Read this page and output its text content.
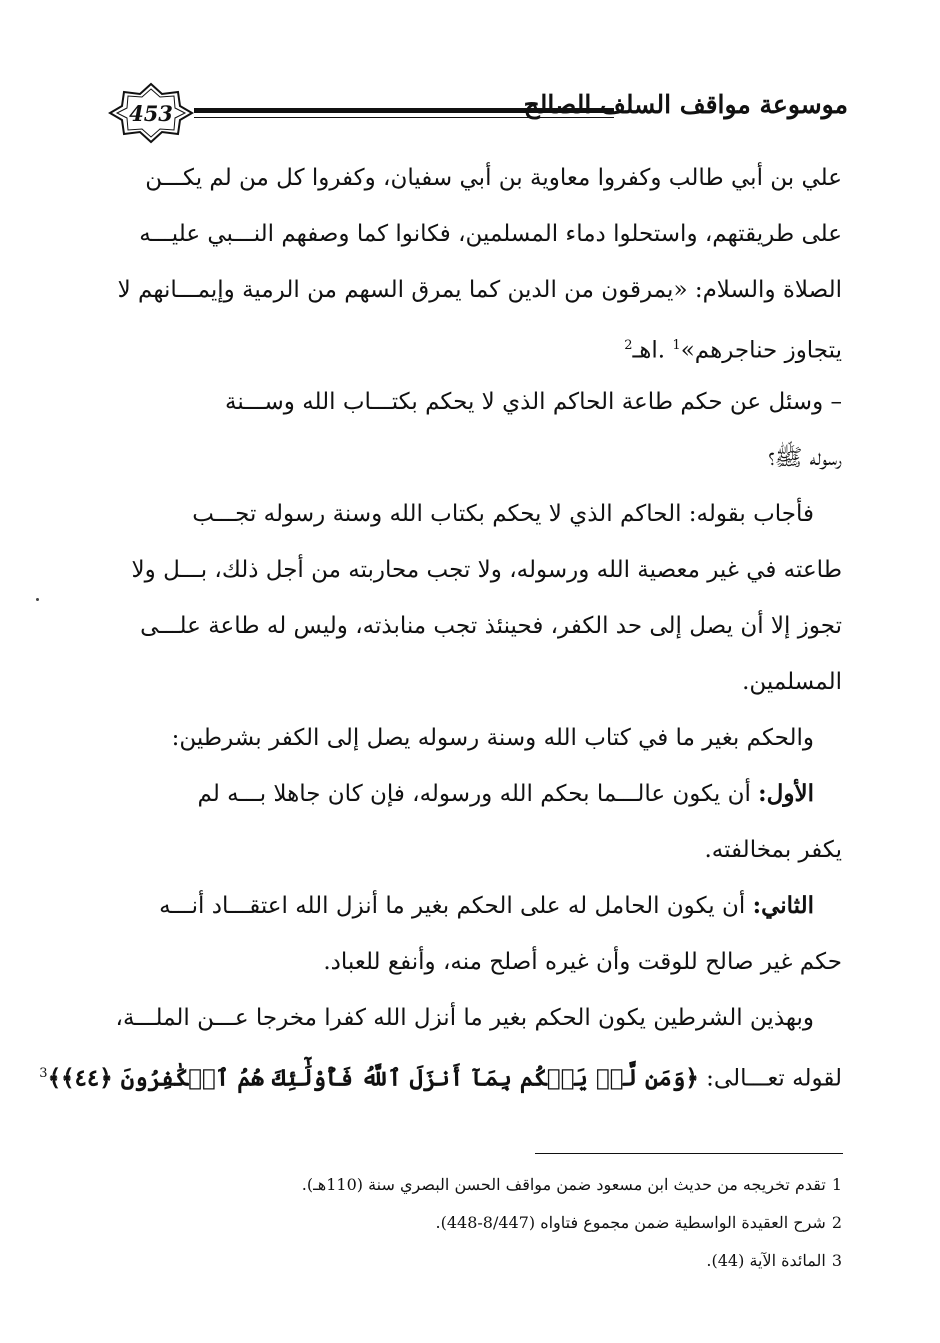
453	موسوعة مواقف السلف الصالح
علي بن أبي طالب وكفروا معاوية بن أبي سفيان، وكفروا كل من لم يكـــن
على طريقتهم، واستحلوا دماء المسلمين، فكانوا كما وصفهم النـــبي عليـــه
الصلاة والسلام: «يمرقون من الدين كما يمرق السهم من الرمية وإيمـــانهم لا
يتجاوز حناجرهم»$^1$ .اهـ$^2$
– وسئل عن حكم طاعة الحاكم الذي لا يحكم بكتـــاب الله وســـنة
رسوله ﷺ؟
فأجاب بقوله: الحاكم الذي لا يحكم بكتاب الله وسنة رسوله تجـــب
طاعته في غير معصية الله ورسوله، ولا تجب محاربته من أجل ذلك، بـــل ولا
تجوز إلا أن يصل إلى حد الكفر، فحينئذ تجب منابذته، وليس له طاعة علـــى
المسلمين.
والحكم بغير ما في كتاب الله وسنة رسوله يصل إلى الكفر بشرطين:
الأول: أن يكون عالـــما بحكم الله ورسوله، فإن كان جاهلا بـــه لم
يكفر بمخالفته.
الثاني: أن يكون الحامل له على الحكم بغير ما أنزل الله اعتقـــاد أنـــه
حكم غير صالح للوقت وأن غيره أصلح منه، وأنفع للعباد.
وبهذين الشرطين يكون الحكم بغير ما أنزل الله كفرا مخرجا عـــن الملـــة،
لقوله تعـــالى: ﴿وَمَن لَّمۡ يَحۡكُم بِمَآ أَنزَلَ ٱللَّهُ فَأُوْلَٰٓئِكَ هُمُ ٱلۡكَٰفِرُونَ ﴿٤٤﴾﴾$^3$
1تقدم تخريجه من حديث ابن مسعود ضمن مواقف الحسن البصري سنة (110هـ).
2شرح العقيدة الواسطية ضمن مجموع فتاواه (8/447-448).
3المائدة الآية (44).
